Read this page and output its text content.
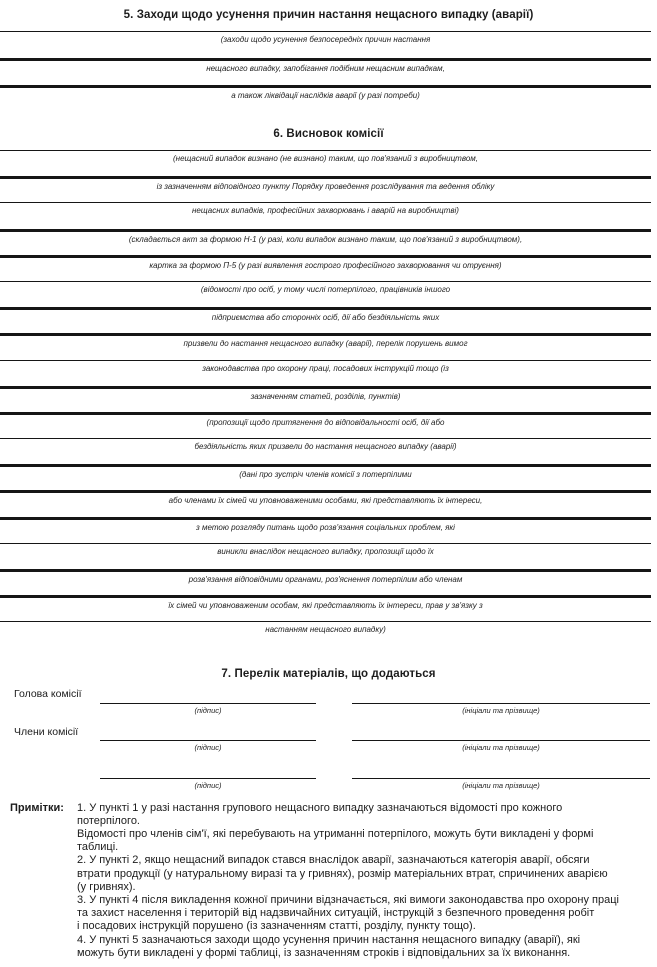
5. Заходи щодо усунення причин настання нещасного випадку (аварії)
(заходи щодо усунення безпосередніх причин настання
нещасного випадку, запобігання подібним нещасним випадкам,
а також ліквідації наслідків аварії (у разі потреби)
6. Висновок комісії
(нещасний випадок визнано (не визнано) таким, що пов'язаний з виробництвом,
із зазначенням відповідного пункту Порядку проведення розслідування та ведення обліку
нещасних випадків, професійних захворювань і аварій на виробництві)
(складається акт за формою Н-1 (у разі, коли випадок визнано таким, що пов'язаний з виробництвом),
картка за формою П-5 (у разі виявлення гострого професійного захворювання чи отруєння)
(відомості про осіб, у тому числі потерпілого, працівників іншого
підприємства або сторонніх осіб, дії або бездіяльність яких
призвели до настання нещасного випадку (аварії), перелік порушень вимог
законодавства про охорону праці, посадових інструкцій тощо (із
зазначенням статей, розділів, пунктів)
(пропозиції щодо притягнення до відповідальності осіб, дії або
бездіяльність яких призвели до настання нещасного випадку (аварії)
(дані про зустріч членів комісії з потерпілими
або членами їх сімей чи уповноваженими особами, які представляють їх інтереси,
з метою розгляду питань щодо розв'язання соціальних проблем, які
виникли внаслідок нещасного випадку, пропозиції щодо їх
розв'язання відповідними органами, роз'яснення потерпілим або членам
їх сімей чи уповноваженим особам, які представляють їх інтереси, прав у зв'язку з
настанням нещасного випадку)
7. Перелік матеріалів, що додаються
Голова комісії
(підпис)	(ініціали та прізвище)
Члени комісії
(підпис)	(ініціали та прізвище)
(підпис)	(ініціали та прізвище)
Примітки:	1. У пункті 1 у разі настання групового нещасного випадку зазначаються відомості про кожного
потерпілого.
Відомості про членів сім'ї, які перебувають на утриманні потерпілого, можуть бути викладені у формі
таблиці.
2. У пункті 2, якщо нещасний випадок стався внаслідок аварії, зазначаються категорія аварії, обсяги
втрати продукції (у натуральному виразі та у гривнях), розмір матеріальних втрат, спричинених аварією
(у гривнях).
3. У пункті 4 після викладення кожної причини відзначається, які вимоги законодавства про охорону праці
та захист населення і територій від надзвичайних ситуацій, інструкцій з безпечного проведення робіт
і посадових інструкцій порушено (із зазначенням статті, розділу, пункту тощо).
4. У пункті 5 зазначаються заходи щодо усунення причин настання нещасного випадку (аварії), які
можуть бути викладені у формі таблиці, із зазначенням строків і відповідальних за їх виконання.
